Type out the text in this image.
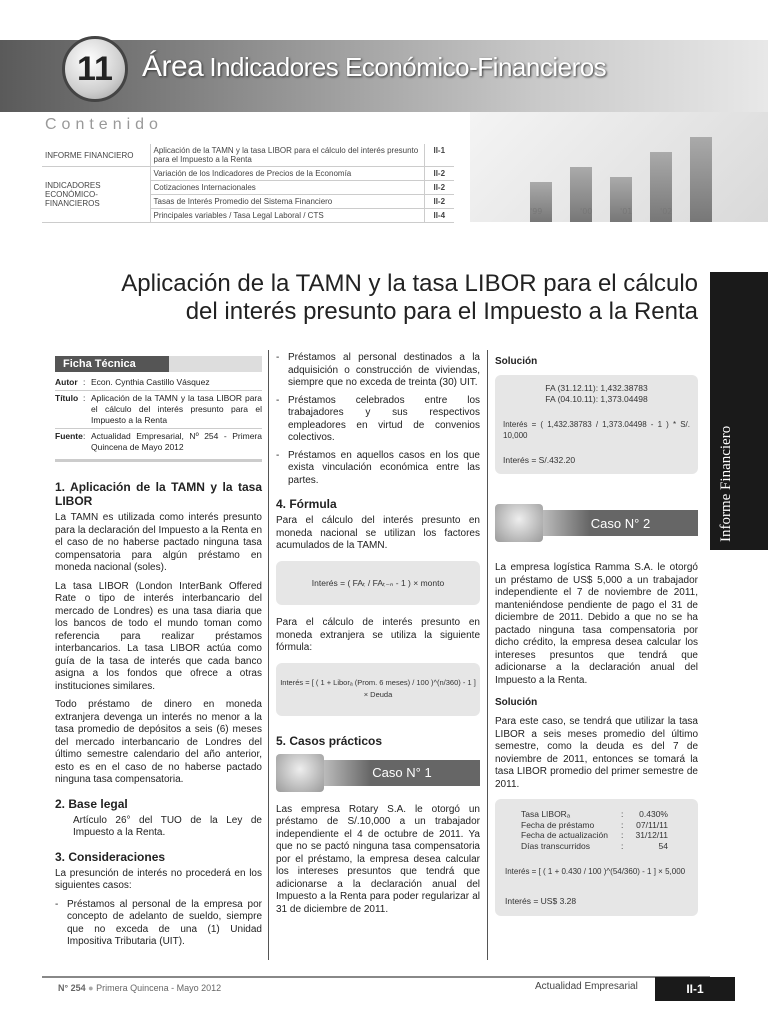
11 Área Indicadores Económico-Financieros
Contenido
'99	'00	'01	'02
INFORME FINANCIERO	Aplicación de la TAMN y la tasa LIBOR para el cálculo del interés presunto para el Impuesto a la Renta	II-1
INDICADORES ECONÓMICO-FINANCIEROS	Variación de los Indicadores de Precios de la Economía	II-2
	Cotizaciones Internacionales	II-2
	Tasas de Interés Promedio del Sistema Financiero	II-2
	Principales variables / Tasa Legal Laboral / CTS	II-4
Aplicación de la TAMN y la tasa LIBOR para el cálculo
del interés presunto para el Impuesto a la Renta
Informe Financiero
Ficha Técnica
Autor : Econ. Cynthia Castillo Vásquez
Título : Aplicación de la TAMN y la tasa LIBOR para el cálculo del interés presunto para el Impuesto a la Renta
Fuente : Actualidad Empresarial, Nº 254 - Primera Quincena de Mayo 2012
1. Aplicación de la TAMN y la tasa LIBOR

La TAMN es utilizada como interés presunto para la declaración del Impuesto a la Renta en el caso de no haberse pactado ninguna tasa compensatoria para algún préstamo en moneda nacional (soles).

La tasa LIBOR (London InterBank Offered Rate o tipo de interés interbancario del mercado de Londres) es una tasa diaria que los bancos de todo el mundo toman como referencia para realizar préstamos interbancarios. La tasa LIBOR actúa como guía de la tasa de interés que cada banco asigna a los fondos que ofrece a otras instituciones similares.

Todo préstamo de dinero en moneda extranjera devenga un interés no menor a la tasa promedio de depósitos a seis (6) meses del mercado interbancario de Londres del último semestre calendario del año anterior, esto es en el caso de no haberse pactado ninguna tasa compensatoria.

2. Base legal

Artículo 26° del TUO de la Ley de Impuesto a la Renta.

3. Consideraciones

La presunción de interés no procederá en los siguientes casos:

- Préstamos al personal de la empresa por concepto de adelanto de sueldo, siempre que no exceda de una (1) Unidad Impositiva Tributaria (UIT).
- Préstamos al personal destinados a la adquisición o construcción de viviendas, siempre que no exceda de treinta (30) UIT.
- Préstamos celebrados entre los trabajadores y sus respectivos empleadores en virtud de convenios colectivos.
- Préstamos en aquellos casos en los que exista vinculación económica entre las partes.
4. Fórmula

Para el cálculo del interés presunto en moneda nacional se utilizan los factores acumulados de la TAMN.

Interés = ( FAₜ / FAₜ₋ₙ - 1 ) × monto

Para el cálculo de interés presunto en moneda extranjera se utiliza la siguiente fórmula:

Interés = [ ( 1 + Liborₐ (Prom. 6 meses) / 100 )^(n/360) - 1 ] × Deuda
5. Casos prácticos
Caso N° 1

Las empresa Rotary S.A. le otorgó un préstamo de S/.10,000 a un trabajador independiente el 4 de octubre de 2011. Ya que no se pactó ninguna tasa compensatoria por el préstamo, la empresa desea calcular los intereses presuntos que tendrá que adicionarse a la declaración anual del Impuesto a la Renta para poder regularizar al 31 de diciembre de 2011.

Solución
FA (31.12.11): 1,432.38783
FA (04.10.11): 1,373.04498
Interés = ( 1,432.38783 / 1,373.04498 - 1 ) * S/. 10,000
Interés = S/.432.20
Caso N° 2

La empresa logística Ramma S.A. le otorgó un préstamo de US$ 5,000 a un trabajador independiente el 7 de noviembre de 2011, manteniéndose pendiente de pago el 31 de diciembre de 2011. Debido a que no se ha pactado ninguna tasa compensatoria por dicho crédito, la empresa desea calcular los intereses presuntos que tendrá que adicionarse a la declaración anual del Impuesto a la Renta.

Solución

Para este caso, se tendrá que utilizar la tasa LIBOR a seis meses promedio del último semestre, como la deuda es del 7 de noviembre de 2011, entonces se tomará la tasa LIBOR promedio del primer semestre de 2011.

Tasa LIBORₐ	:	0.430%
Fecha de préstamo	:	07/11/11
Fecha de actualización	:	31/12/11
Días transcurridos	:	54
Interés = [ ( 1 + 0.430 / 100 )^(54/360) - 1 ] × 5,000
Interés = US$ 3.28
N° 254 ● Primera Quincena - Mayo 2012	Actualidad Empresarial	II-1
